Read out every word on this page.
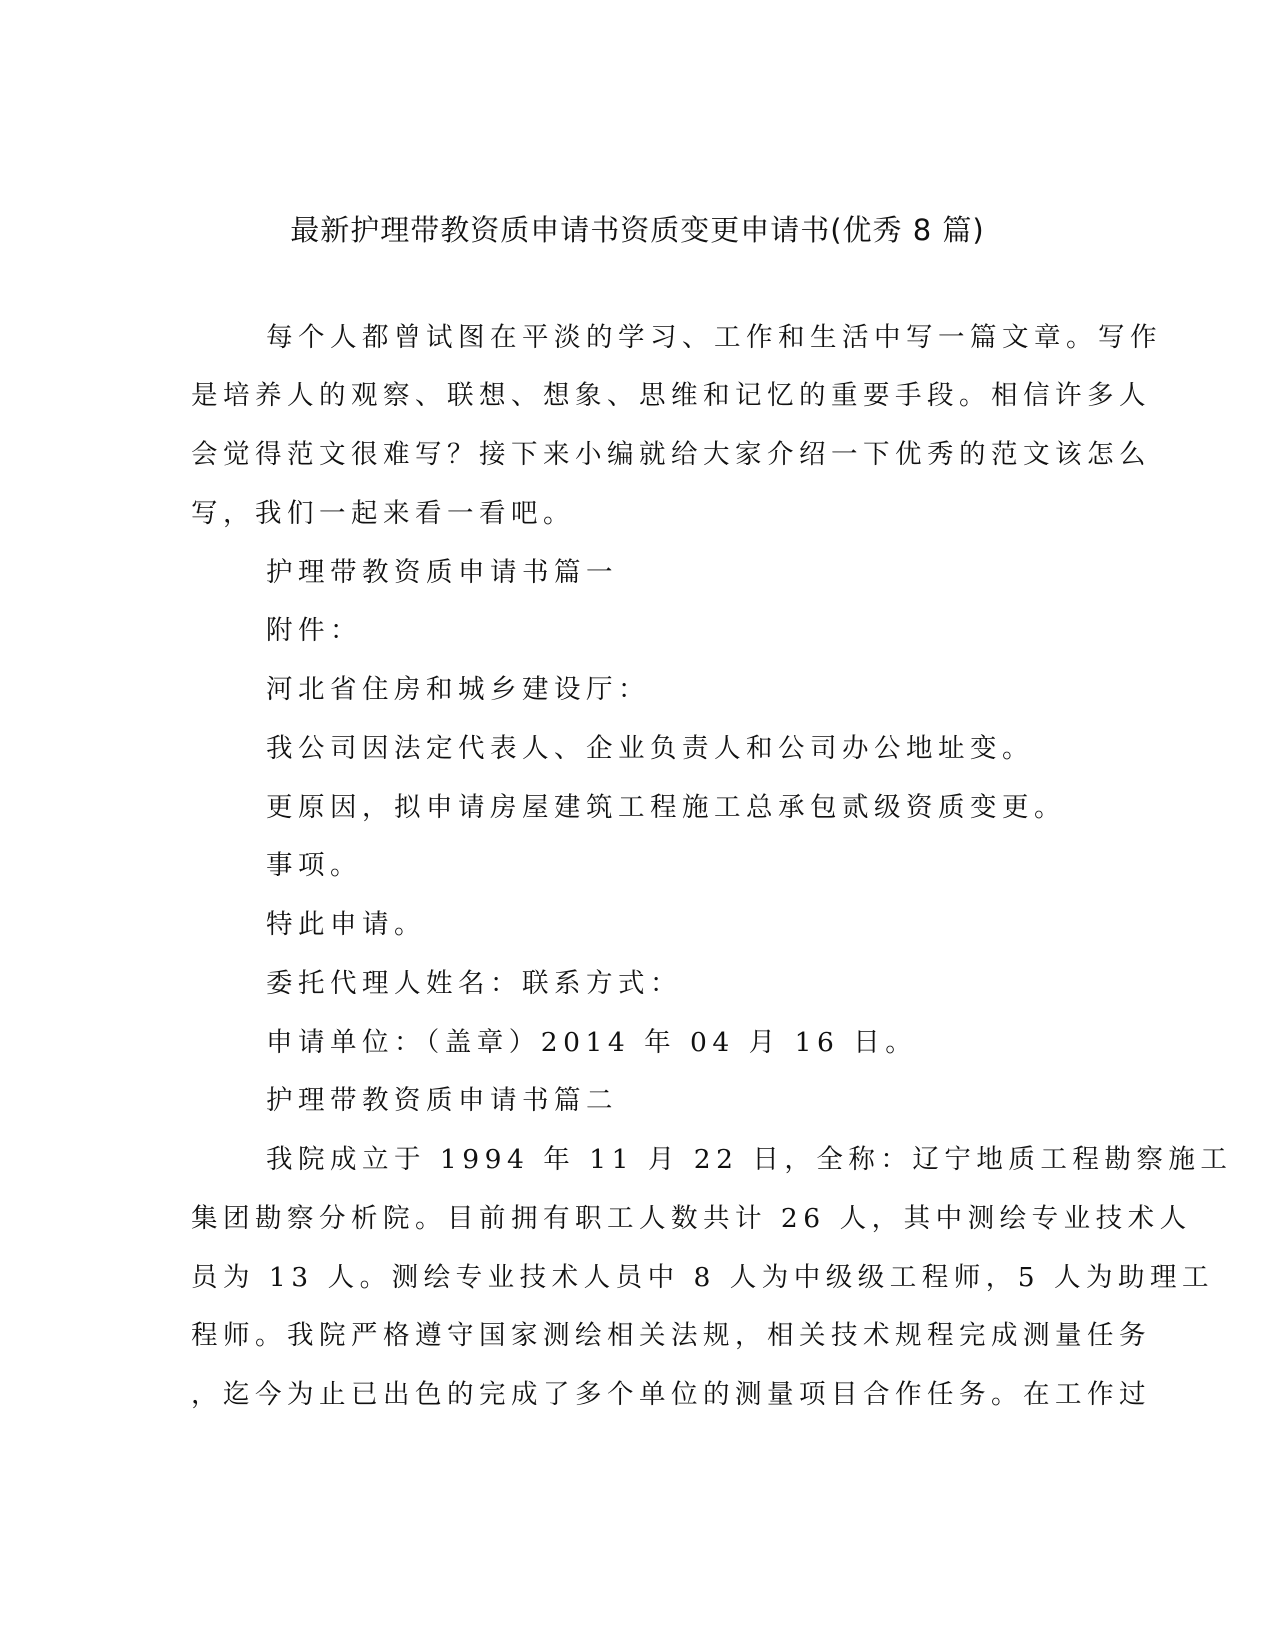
最新护理带教资质申请书资质变更申请书(优秀 8 篇)
每个人都曾试图在平淡的学习、工作和生活中写一篇文章。写作
是培养人的观察、联想、想象、思维和记忆的重要手段。相信许多人
会觉得范文很难写？接下来小编就给大家介绍一下优秀的范文该怎么
写，我们一起来看一看吧。
护理带教资质申请书篇一
附件：
河北省住房和城乡建设厅：
我公司因法定代表人、企业负责人和公司办公地址变。
更原因，拟申请房屋建筑工程施工总承包贰级资质变更。
事项。
特此申请。
委托代理人姓名：联系方式：
申请单位：（盖章）2014 年 04 月 16 日。
护理带教资质申请书篇二
我院成立于 1994 年 11 月 22 日，全称：辽宁地质工程勘察施工
集团勘察分析院。目前拥有职工人数共计 26 人，其中测绘专业技术人
员为 13 人。测绘专业技术人员中 8 人为中级级工程师，5 人为助理工
程师。我院严格遵守国家测绘相关法规，相关技术规程完成测量任务
，迄今为止已出色的完成了多个单位的测量项目合作任务。在工作过
